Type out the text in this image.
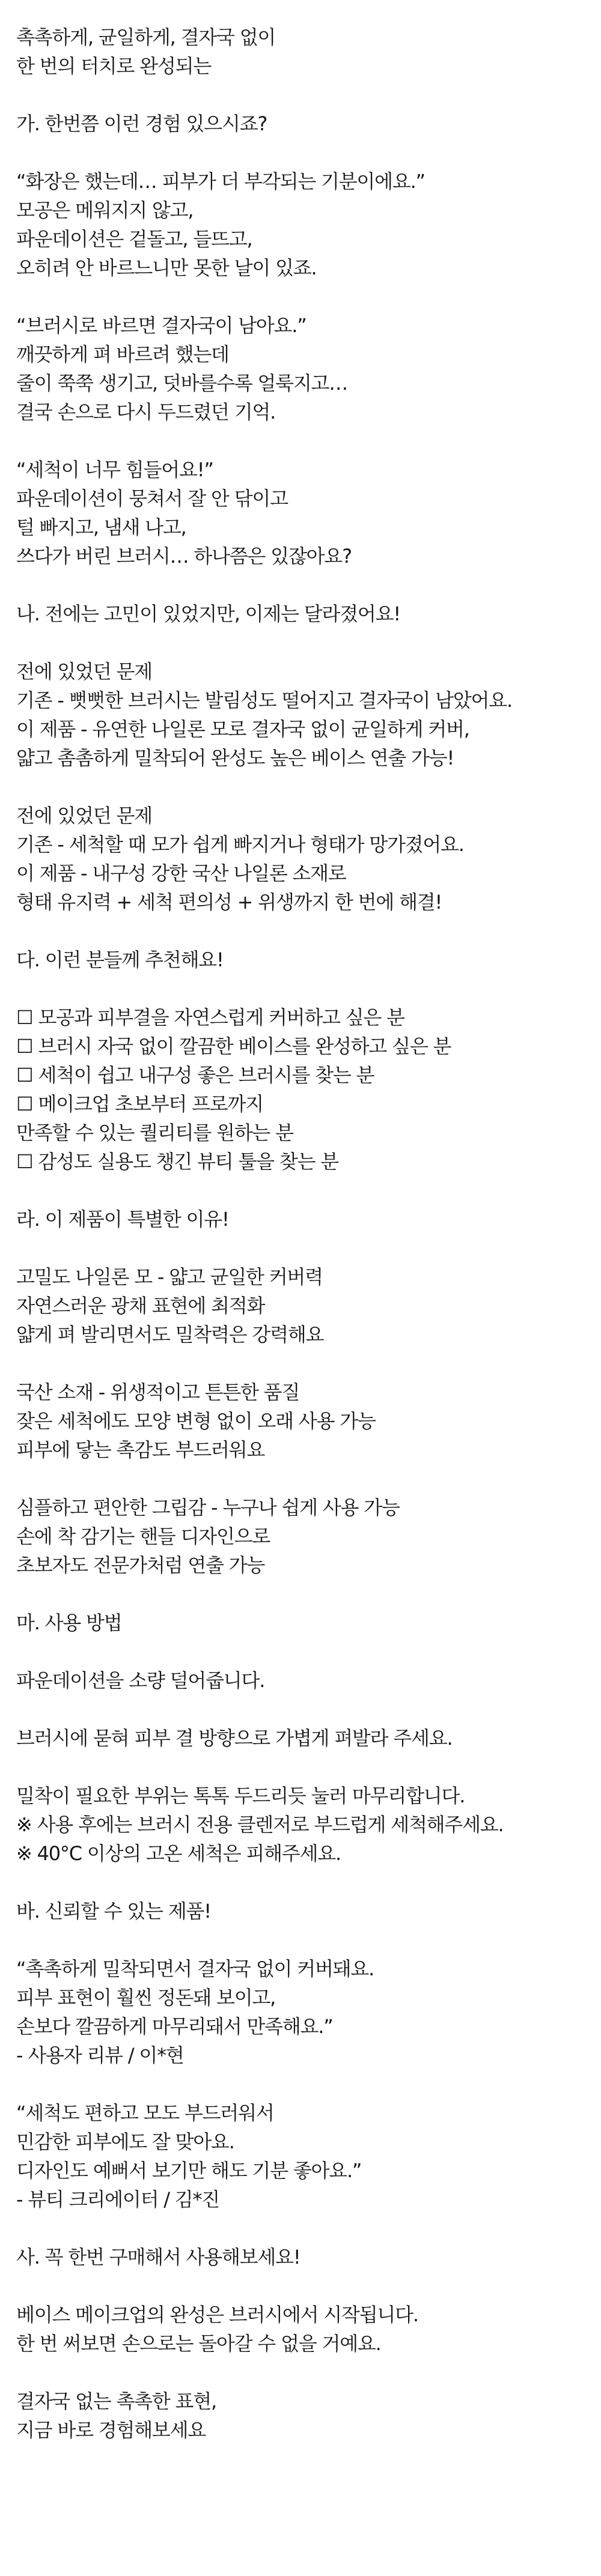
촉촉하게, 균일하게, 결자국 없이
한 번의 터치로 완성되는
가. 한번쯤 이런 경험 있으시죠?
“화장은 했는데… 피부가 더 부각되는 기분이에요.”
모공은 메워지지 않고,
파운데이션은 겉돌고, 들뜨고,
오히려 안 바르느니만 못한 날이 있죠.
“브러시로 바르면 결자국이 남아요.”
깨끗하게 펴 바르려 했는데
줄이 쭉쭉 생기고, 덧바를수록 얼룩지고…
결국 손으로 다시 두드렸던 기억.
“세척이 너무 힘들어요!”
파운데이션이 뭉쳐서 잘 안 닦이고
털 빠지고, 냄새 나고,
쓰다가 버린 브러시… 하나쯤은 있잖아요?
나. 전에는 고민이 있었지만, 이제는 달라졌어요!
전에 있었던 문제
기존 - 뻣뻣한 브러시는 발림성도 떨어지고 결자국이 남았어요.
이 제품 - 유연한 나일론 모로 결자국 없이 균일하게 커버,
얇고 촘촘하게 밀착되어 완성도 높은 베이스 연출 가능!
전에 있었던 문제
기존 - 세척할 때 모가 쉽게 빠지거나 형태가 망가졌어요.
이 제품 - 내구성 강한 국산 나일론 소재로
형태 유지력 + 세척 편의성 + 위생까지 한 번에 해결!
다. 이런 분들께 추천해요!
☐ 모공과 피부결을 자연스럽게 커버하고 싶은 분
☐ 브러시 자국 없이 깔끔한 베이스를 완성하고 싶은 분
☐ 세척이 쉽고 내구성 좋은 브러시를 찾는 분
☐ 메이크업 초보부터 프로까지
만족할 수 있는 퀄리티를 원하는 분
☐ 감성도 실용도 챙긴 뷰티 툴을 찾는 분
라. 이 제품이 특별한 이유!
고밀도 나일론 모 - 얇고 균일한 커버력
자연스러운 광채 표현에 최적화
얇게 펴 발리면서도 밀착력은 강력해요
국산 소재 - 위생적이고 튼튼한 품질
잦은 세척에도 모양 변형 없이 오래 사용 가능
피부에 닿는 촉감도 부드러워요
심플하고 편안한 그립감 - 누구나 쉽게 사용 가능
손에 착 감기는 핸들 디자인으로
초보자도 전문가처럼 연출 가능
마. 사용 방법
파운데이션을 소량 덜어줍니다.
브러시에 묻혀 피부 결 방향으로 가볍게 펴발라 주세요.
밀착이 필요한 부위는 톡톡 두드리듯 눌러 마무리합니다.
※ 사용 후에는 브러시 전용 클렌저로 부드럽게 세척해주세요.
※ 40°C 이상의 고온 세척은 피해주세요.
바. 신뢰할 수 있는 제품!
“촉촉하게 밀착되면서 결자국 없이 커버돼요.
피부 표현이 훨씬 정돈돼 보이고,
손보다 깔끔하게 마무리돼서 만족해요.”
- 사용자 리뷰 / 이*현
“세척도 편하고 모도 부드러워서
민감한 피부에도 잘 맞아요.
디자인도 예뻐서 보기만 해도 기분 좋아요.”
- 뷰티 크리에이터 / 김*진
사. 꼭 한번 구매해서 사용해보세요!
베이스 메이크업의 완성은 브러시에서 시작됩니다.
한 번 써보면 손으로는 돌아갈 수 없을 거예요.
결자국 없는 촉촉한 표현,
지금 바로 경험해보세요
